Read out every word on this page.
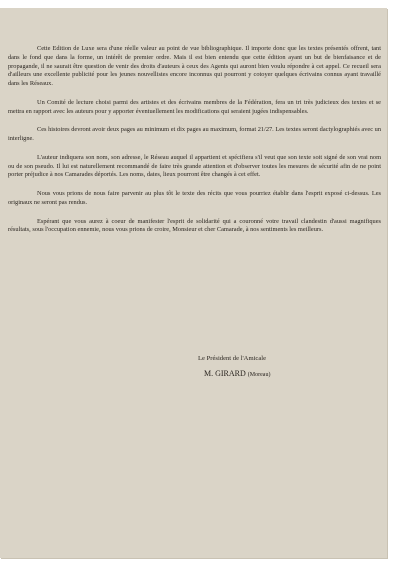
Cette Edition de Luxe sera d'une réelle valeur au point de vue bibliographique. Il importe donc que les textes présentés offrent, tant dans le fond que dans la forme, un intérêt de premier ordre. Mais il est bien entendu que cette édition ayant un but de bienfaisance et de propagande, il ne saurait être question de venir des droits d'auteurs à ceux des Agents qui auront bien voulu répondre à cet appel. Ce recueil sera d'ailleurs une excellente publicité pour les jeunes nouvellistes encore inconnus qui pourront y cotoyer quelques écrivains connus ayant travaillé dans les Réseaux.

Un Comité de lecture choisi parmi des artistes et des écrivains membres de la Fédération, fera un tri très judicieux des textes et se mettra en rapport avec les auteurs pour y apporter éventuellement les modifications qui seraient jugées indispensables.

Ces histoires devront avoir deux pages au minimum et dix pages au maximum, format 21/27. Les textes seront dactylographiés avec un interligne.

L'auteur indiquera son nom, son adresse, le Réseau auquel il appartient et spécifiera s'il veut que son texte soit signé de son vrai nom ou de son pseudo. Il lui est naturellement recommandé de faire très grande attention et d'observer toutes les mesures de sécurité afin de ne point porter préjudice à nos Camarades déportés. Les noms, dates, lieux pourront être changés à cet effet.

Nous vous prions de nous faire parvenir au plus tôt le texte des récits que vous pourriez établir dans l'esprit exposé ci-dessus. Les originaux ne seront pas rendus.

Espérant que vous aurez à coeur de manifester l'esprit de solidarité qui a couronné votre travail clandestin d'aussi magnifiques résultats, sous l'occupation ennemie, nous vous prions de croire, Monsieur et cher Camarade, à nos sentiments les meilleurs.

Le Président de l'Amicale
M. GIRARD (Moreau)
